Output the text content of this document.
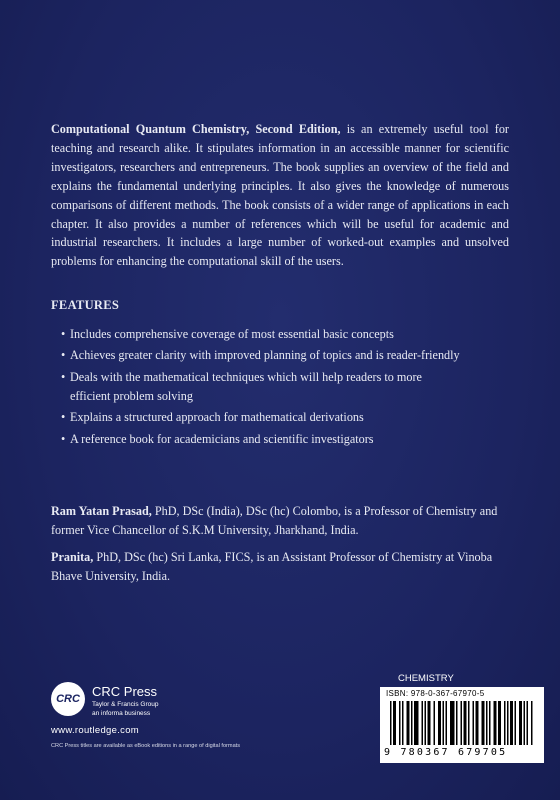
Computational Quantum Chemistry, Second Edition, is an extremely useful tool for teaching and research alike. It stipulates information in an accessible manner for scientific investigators, researchers and entrepreneurs. The book supplies an overview of the field and explains the fundamental underlying principles. It also gives the knowledge of numerous comparisons of different methods. The book consists of a wider range of applications in each chapter. It also provides a number of references which will be useful for academic and industrial researchers. It includes a large number of worked-out examples and unsolved problems for enhancing the computational skill of the users.

FEATURES
• Includes comprehensive coverage of most essential basic concepts
• Achieves greater clarity with improved planning of topics and is reader-friendly
• Deals with the mathematical techniques which will help readers to more efficient problem solving
• Explains a structured approach for mathematical derivations
• A reference book for academicians and scientific investigators

Ram Yatan Prasad, PhD, DSc (India), DSc (hc) Colombo, is a Professor of Chemistry and former Vice Chancellor of S.K.M University, Jharkhand, India.

Pranita, PhD, DSc (hc) Sri Lanka, FICS, is an Assistant Professor of Chemistry at Vinoba Bhave University, India.

CRC CRC Press

Taylor & Francis Group
an informa business

www.routledge.com

CRC Press titles are available as eBook editions in a range of digital formats

CHEMISTRY

ISBN: 978-0-367-67970-5

9 780367 679705
